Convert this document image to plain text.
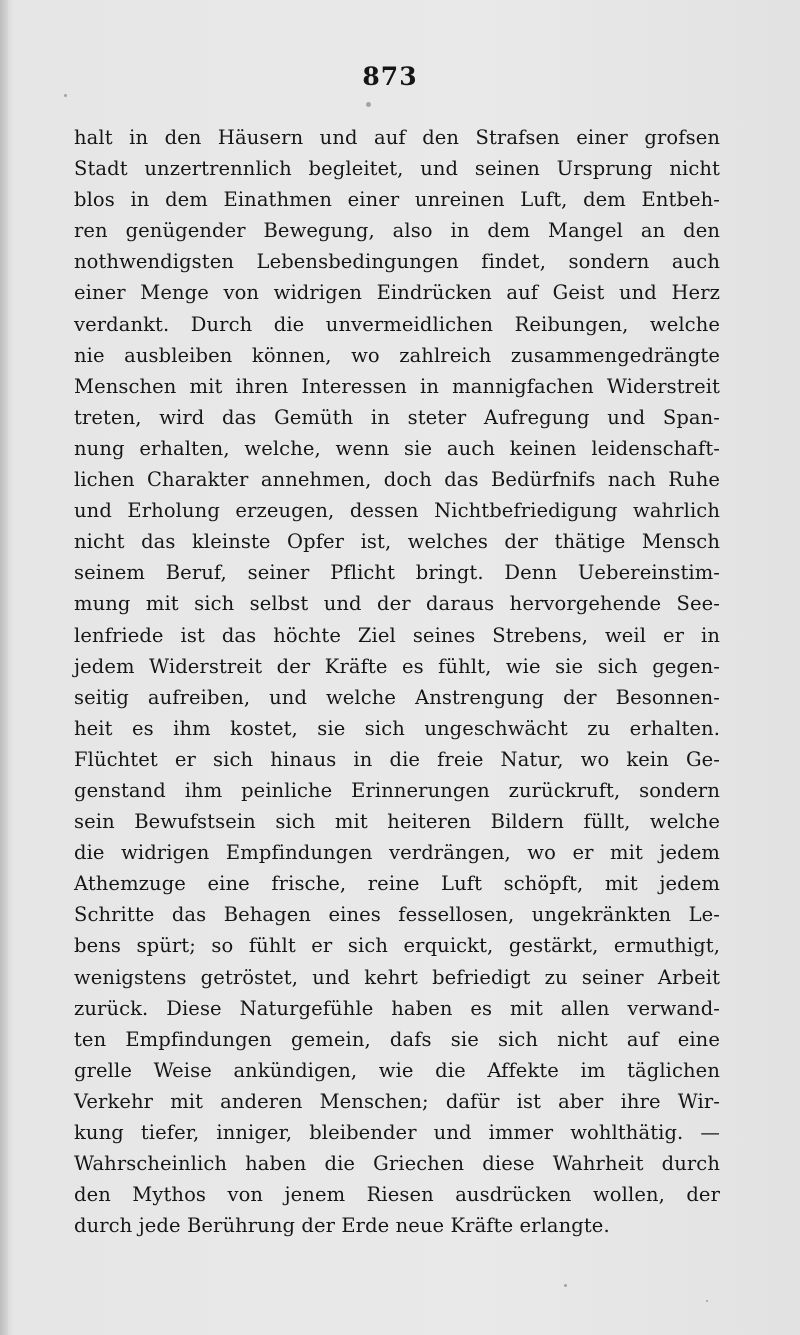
873
halt in den Häusern und auf den Strafsen einer grofsen
Stadt unzertrennlich begleitet, und seinen Ursprung nicht
blos in dem Einathmen einer unreinen Luft, dem Entbeh-
ren genügender Bewegung, also in dem Mangel an den
nothwendigsten Lebensbedingungen findet, sondern auch
einer Menge von widrigen Eindrücken auf Geist und Herz
verdankt. Durch die unvermeidlichen Reibungen, welche
nie ausbleiben können, wo zahlreich zusammengedrängte
Menschen mit ihren Interessen in mannigfachen Widerstreit
treten, wird das Gemüth in steter Aufregung und Span-
nung erhalten, welche, wenn sie auch keinen leidenschaft-
lichen Charakter annehmen, doch das Bedürfnifs nach Ruhe
und Erholung erzeugen, dessen Nichtbefriedigung wahrlich
nicht das kleinste Opfer ist, welches der thätige Mensch
seinem Beruf, seiner Pflicht bringt. Denn Uebereinstim-
mung mit sich selbst und der daraus hervorgehende See-
lenfriede ist das höchte Ziel seines Strebens, weil er in
jedem Widerstreit der Kräfte es fühlt, wie sie sich gegen-
seitig aufreiben, und welche Anstrengung der Besonnen-
heit es ihm kostet, sie sich ungeschwächt zu erhalten.
Flüchtet er sich hinaus in die freie Natur, wo kein Ge-
genstand ihm peinliche Erinnerungen zurückruft, sondern
sein Bewufstsein sich mit heiteren Bildern füllt, welche
die widrigen Empfindungen verdrängen, wo er mit jedem
Athemzuge eine frische, reine Luft schöpft, mit jedem
Schritte das Behagen eines fessellosen, ungekränkten Le-
bens spürt; so fühlt er sich erquickt, gestärkt, ermuthigt,
wenigstens getröstet, und kehrt befriedigt zu seiner Arbeit
zurück. Diese Naturgefühle haben es mit allen verwand-
ten Empfindungen gemein, dafs sie sich nicht auf eine
grelle Weise ankündigen, wie die Affekte im täglichen
Verkehr mit anderen Menschen; dafür ist aber ihre Wir-
kung tiefer, inniger, bleibender und immer wohlthätig. —
Wahrscheinlich haben die Griechen diese Wahrheit durch
den Mythos von jenem Riesen ausdrücken wollen, der
durch jede Berührung der Erde neue Kräfte erlangte.
